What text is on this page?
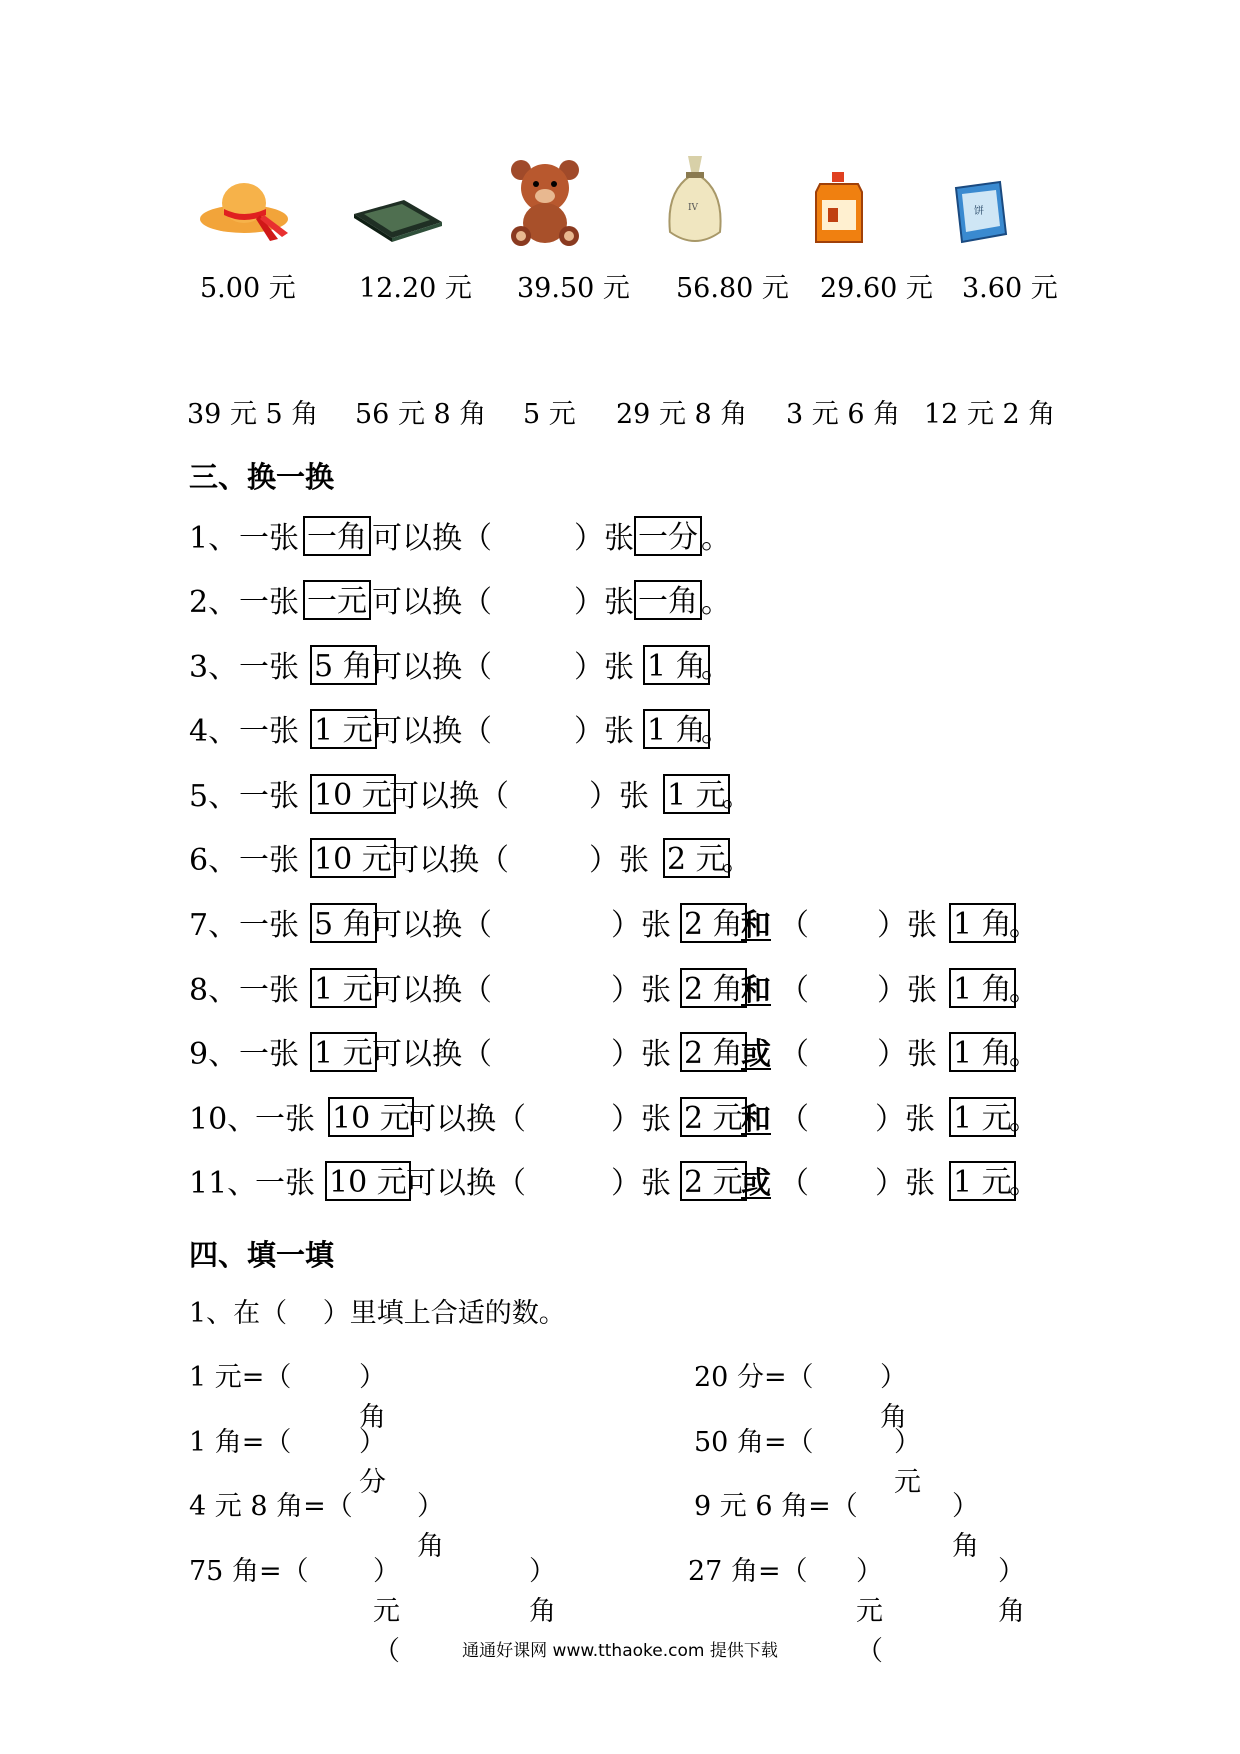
IV	饼
5.00 元 12.20 元 39.50 元 56.80 元 29.60 元 3.60 元
39 元 5 角 56 元 8 角 5 元 29 元 8 角 3 元 6 角 12 元 2 角
三、换一换
1、 一张 一角 可以换（	）张 一分 。
2、 一张 一元 可以换（	）张 一角 。
3、 一张 5 角 可以换（	）张 1 角
。
4、 一张 1 元 可以换（	）张 1 角
。
5、 一张 10 元
可以换（	）张 1 元
。
6、 一张 10 元
可以换（	）张 2 元
。
7、 一张 5 角 可以换（	）张 2 角
和 （ ）张 1 角
。
8、 一张 1 元 可以换（	）张 2 角
和 （ ）张 1 角
。
9、 一张 1 元 可以换（	）张 2 角
或 （ ）张 1 角
。
10、
一张 10 元
可以换（	）张 2 元
和 （ ）张 1 元
。
11、
一张 10 元 可以换（	）张 2 元
或 （ ）张 1 元
。
四、填一填
1、在（　 ）里填上合适的数。
1 元=（	）角
1 角=（	）分
4 元 8 角=（ ）角
75 角=（ ）元（
）角
20 分=（ ）角
50 角=（	）元
9 元 6 角=（	）角
27 角=（ ）元（
）角
通通好课网 www.tthaoke.com 提供下载
